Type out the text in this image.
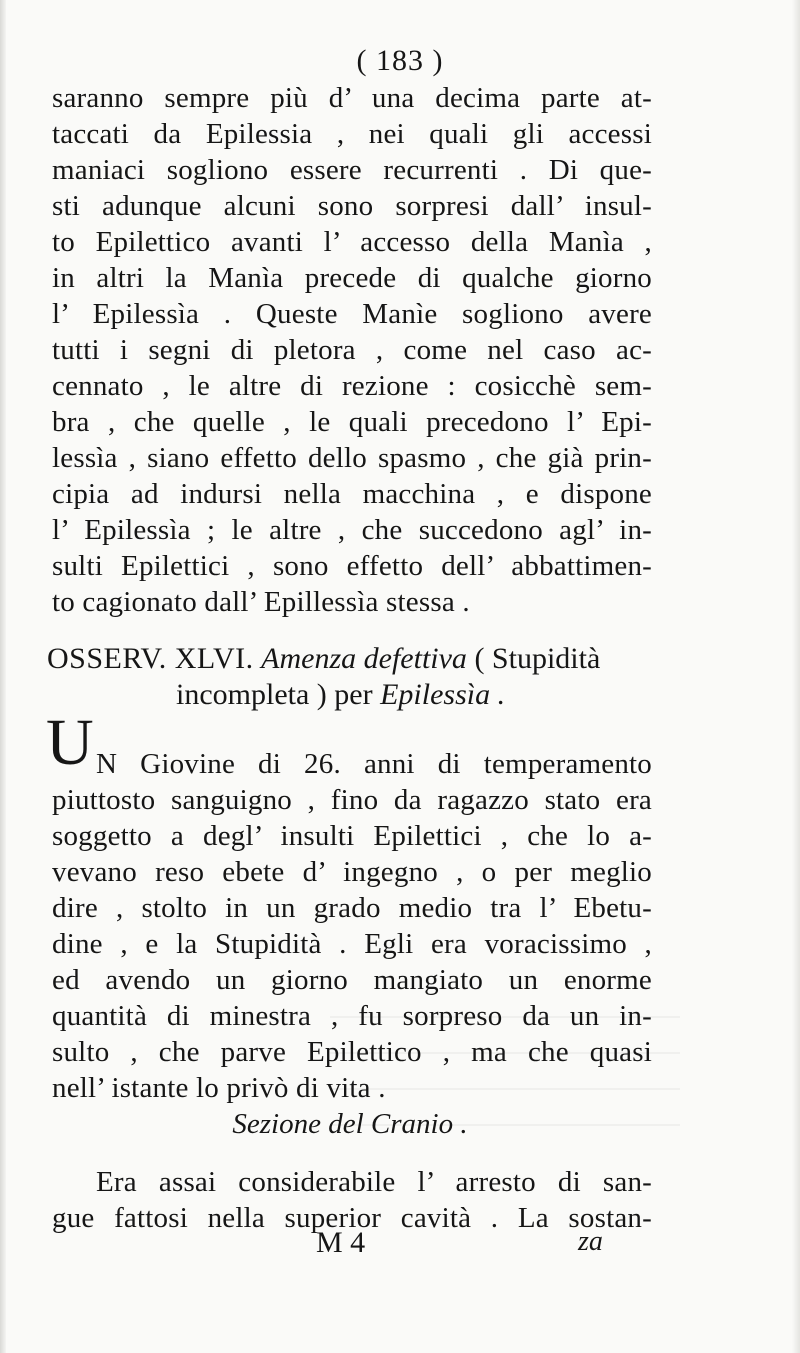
( 183 )
saranno sempre più d’ una decima parte at-
taccati da Epilessia , nei quali gli accessi
maniaci sogliono essere recurrenti . Di que-
sti adunque alcuni sono sorpresi dall’ insul-
to Epilettico avanti l’ accesso della Manìa ,
in altri la Manìa precede di qualche giorno
l’ Epilessìa . Queste Manìe sogliono avere
tutti i segni di pletora , come nel caso ac-
cennato , le altre di rezione : cosicchè sem-
bra , che quelle , le quali precedono l’ Epi-
lessìa , siano effetto dello spasmo , che già prin-
cipia ad indursi nella macchina , e dispone
l’ Epilessìa ; le altre , che succedono agl’ in-
sulti Epilettici , sono effetto dell’ abbattimen-
to cagionato dall’ Epillessìa stessa .
OSSERV. XLVI. Amenza defettiva ( Stupidità
incompleta ) per Epilessìa .
U N Giovine di 26. anni di temperamento
piuttosto sanguigno , fino da ragazzo stato era
soggetto a degl’ insulti Epilettici , che lo a-
vevano reso ebete d’ ingegno , o per meglio
dire , stolto in un grado medio tra l’ Ebetu-
dine , e la Stupidità . Egli era voracissimo ,
ed avendo un giorno mangiato un enorme
quantità di minestra , fu sorpreso da un in-
sulto , che parve Epilettico , ma che quasi
nell’ istante lo privò di vita .
Sezione del Cranio .
Era assai considerabile l’ arresto di san-
gue fattosi nella superior cavità . La sostan-
M 4	za
